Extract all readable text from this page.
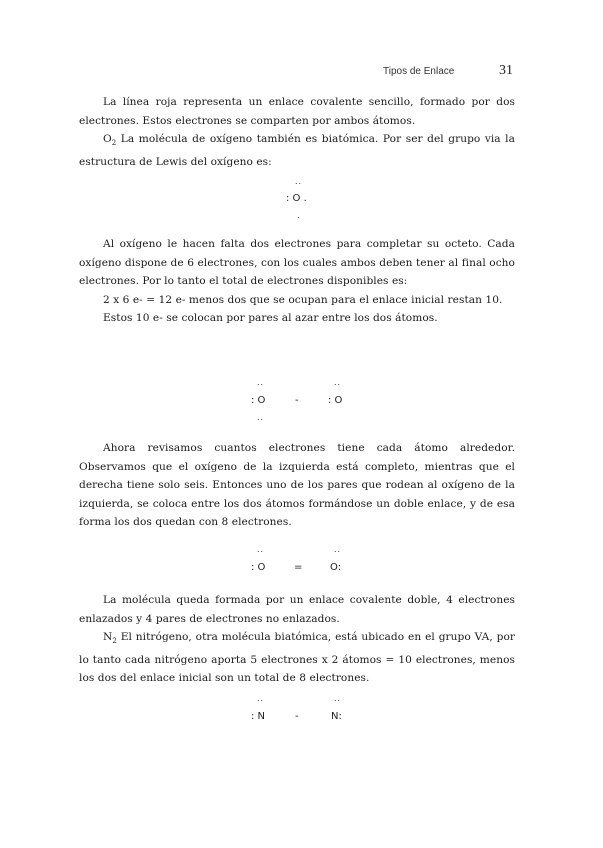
Tipos de Enlace	31

La línea roja representa un enlace covalente sencillo, formado por dos electrones. Estos electrones se comparten por ambos átomos.

$O_2$ La molécula de oxígeno también es biatómica. Por ser del grupo via la estructura de Lewis del oxígeno es:

..
: O .
.

Al oxígeno le hacen falta dos electrones para completar su octeto. Cada oxígeno dispone de 6 electrones, con los cuales ambos deben tener al final ocho electrones. Por lo tanto el total de electrones disponibles es:

2 x 6 e- = 12 e- menos dos que se ocupan para el enlace inicial restan 10.

Estos 10 e- se colocan por pares al azar entre los dos átomos.

..	..
: O	-	: O
..

Ahora revisamos cuantos electrones tiene cada átomo alrededor. Observamos que el oxígeno de la izquierda está completo, mientras que el derecha tiene solo seis. Entonces uno de los pares que rodean al oxígeno de la izquierda, se coloca entre los dos átomos formándose un doble enlace, y de esa forma los dos quedan con 8 electrones.

..	..
: O	=	O:

La molécula queda formada por un enlace covalente doble, 4 electrones enlazados y 4 pares de electrones no enlazados.

$N_2$ El nitrógeno, otra molécula biatómica, está ubicado en el grupo VA, por lo tanto cada nitrógeno aporta 5 electrones x 2 átomos = 10 electrones, menos los dos del enlace inicial son un total de 8 electrones.

..	..
: N	-	N:
